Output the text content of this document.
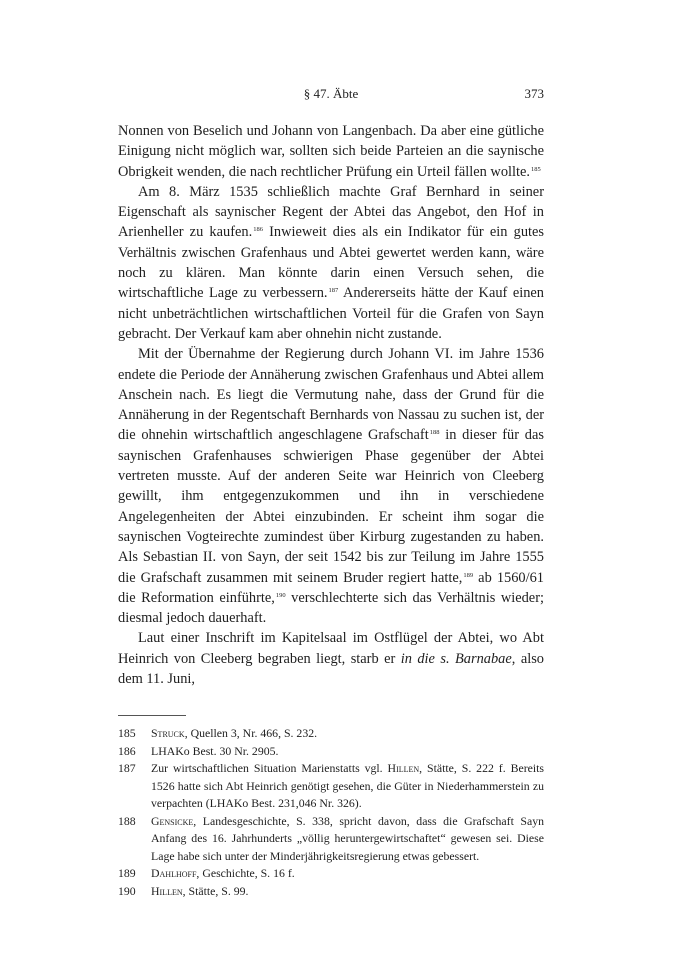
§ 47. Äbte	373

Nonnen von Beselich und Johann von Langenbach. Da aber eine gütliche Einigung nicht möglich war, sollten sich beide Parteien an die saynische Obrigkeit wenden, die nach rechtlicher Prüfung ein Urteil fällen wollte.$^{185}$

Am 8. März 1535 schließlich machte Graf Bernhard in seiner Eigenschaft als saynischer Regent der Abtei das Angebot, den Hof in Arienheller zu kaufen.$^{186}$ Inwieweit dies als ein Indikator für ein gutes Verhältnis zwischen Grafenhaus und Abtei gewertet werden kann, wäre noch zu klären. Man könnte darin einen Versuch sehen, die wirtschaftliche Lage zu verbessern.$^{187}$ Andererseits hätte der Kauf einen nicht unbeträchtlichen wirtschaftlichen Vorteil für die Grafen von Sayn gebracht. Der Verkauf kam aber ohnehin nicht zustande.

Mit der Übernahme der Regierung durch Johann VI. im Jahre 1536 endete die Periode der Annäherung zwischen Grafenhaus und Abtei allem Anschein nach. Es liegt die Vermutung nahe, dass der Grund für die Annäherung in der Regentschaft Bernhards von Nassau zu suchen ist, der die ohnehin wirtschaftlich angeschlagene Grafschaft$^{188}$ in dieser für das saynischen Grafenhauses schwierigen Phase gegenüber der Abtei vertreten musste. Auf der anderen Seite war Heinrich von Cleeberg gewillt, ihm entgegenzukommen und ihn in verschiedene Angelegenheiten der Abtei einzubinden. Er scheint ihm sogar die saynischen Vogteirechte zumindest über Kirburg zugestanden zu haben. Als Sebastian II. von Sayn, der seit 1542 bis zur Teilung im Jahre 1555 die Grafschaft zusammen mit seinem Bruder regiert hatte,$^{189}$ ab 1560/61 die Reformation einführte,$^{190}$ verschlechterte sich das Verhältnis wieder; diesmal jedoch dauerhaft.

Laut einer Inschrift im Kapitelsaal im Ostflügel der Abtei, wo Abt Heinrich von Cleeberg begraben liegt, starb er in die s. Barnabae, also dem 11. Juni,

185	Struck, Quellen 3, Nr. 466, S. 232.
186	LHAKo Best. 30 Nr. 2905.
187	Zur wirtschaftlichen Situation Marienstatts vgl. Hillen, Stätte, S. 222 f. Bereits 1526 hatte sich Abt Heinrich genötigt gesehen, die Güter in Niederhammerstein zu verpachten (LHAKo Best. 231,046 Nr. 326).
188	Gensicke, Landesgeschichte, S. 338, spricht davon, dass die Grafschaft Sayn Anfang des 16. Jahrhunderts „völlig heruntergewirtschaftet“ gewesen sei. Diese Lage habe sich unter der Minderjährigkeitsregierung etwas gebessert.
189	Dahlhoff, Geschichte, S. 16 f.
190	Hillen, Stätte, S. 99.
